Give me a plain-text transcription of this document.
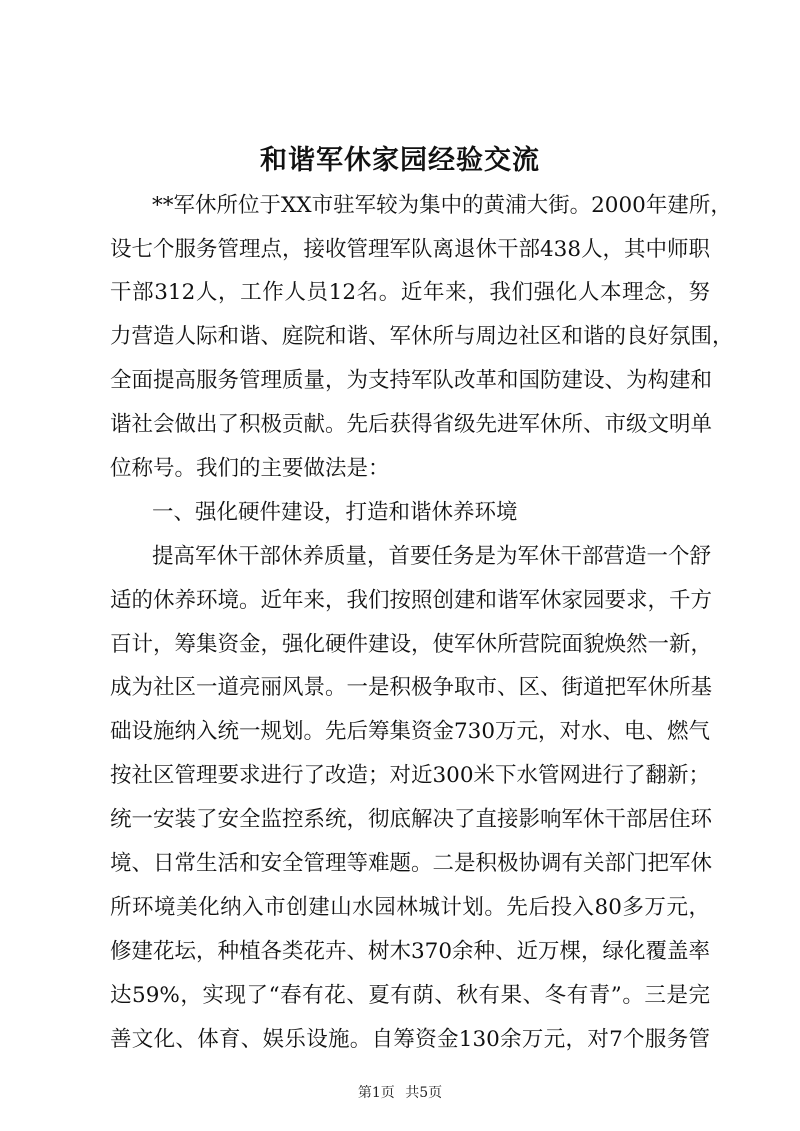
和谐军休家园经验交流
**军休所位于XX市驻军较为集中的黄浦大街。2000年建所，
设七个服务管理点，接收管理军队离退休干部438人，其中师职
干部312人，工作人员12名。近年来，我们强化人本理念，努
力营造人际和谐、庭院和谐、军休所与周边社区和谐的良好氛围，
全面提高服务管理质量，为支持军队改革和国防建设、为构建和
谐社会做出了积极贡献。先后获得省级先进军休所、市级文明单
位称号。我们的主要做法是：
一、强化硬件建设，打造和谐休养环境
提高军休干部休养质量，首要任务是为军休干部营造一个舒
适的休养环境。近年来，我们按照创建和谐军休家园要求，千方
百计，筹集资金，强化硬件建设，使军休所营院面貌焕然一新，
成为社区一道亮丽风景。一是积极争取市、区、街道把军休所基
础设施纳入统一规划。先后筹集资金730万元，对水、电、燃气
按社区管理要求进行了改造；对近300米下水管网进行了翻新；
统一安装了安全监控系统，彻底解决了直接影响军休干部居住环
境、日常生活和安全管理等难题。二是积极协调有关部门把军休
所环境美化纳入市创建山水园林城计划。先后投入80多万元，
修建花坛，种植各类花卉、树木370余种、近万棵，绿化覆盖率
达59%，实现了“春有花、夏有荫、秋有果、冬有青”。三是完
善文化、体育、娱乐设施。自筹资金130余万元，对7个服务管
第1页 共5页
